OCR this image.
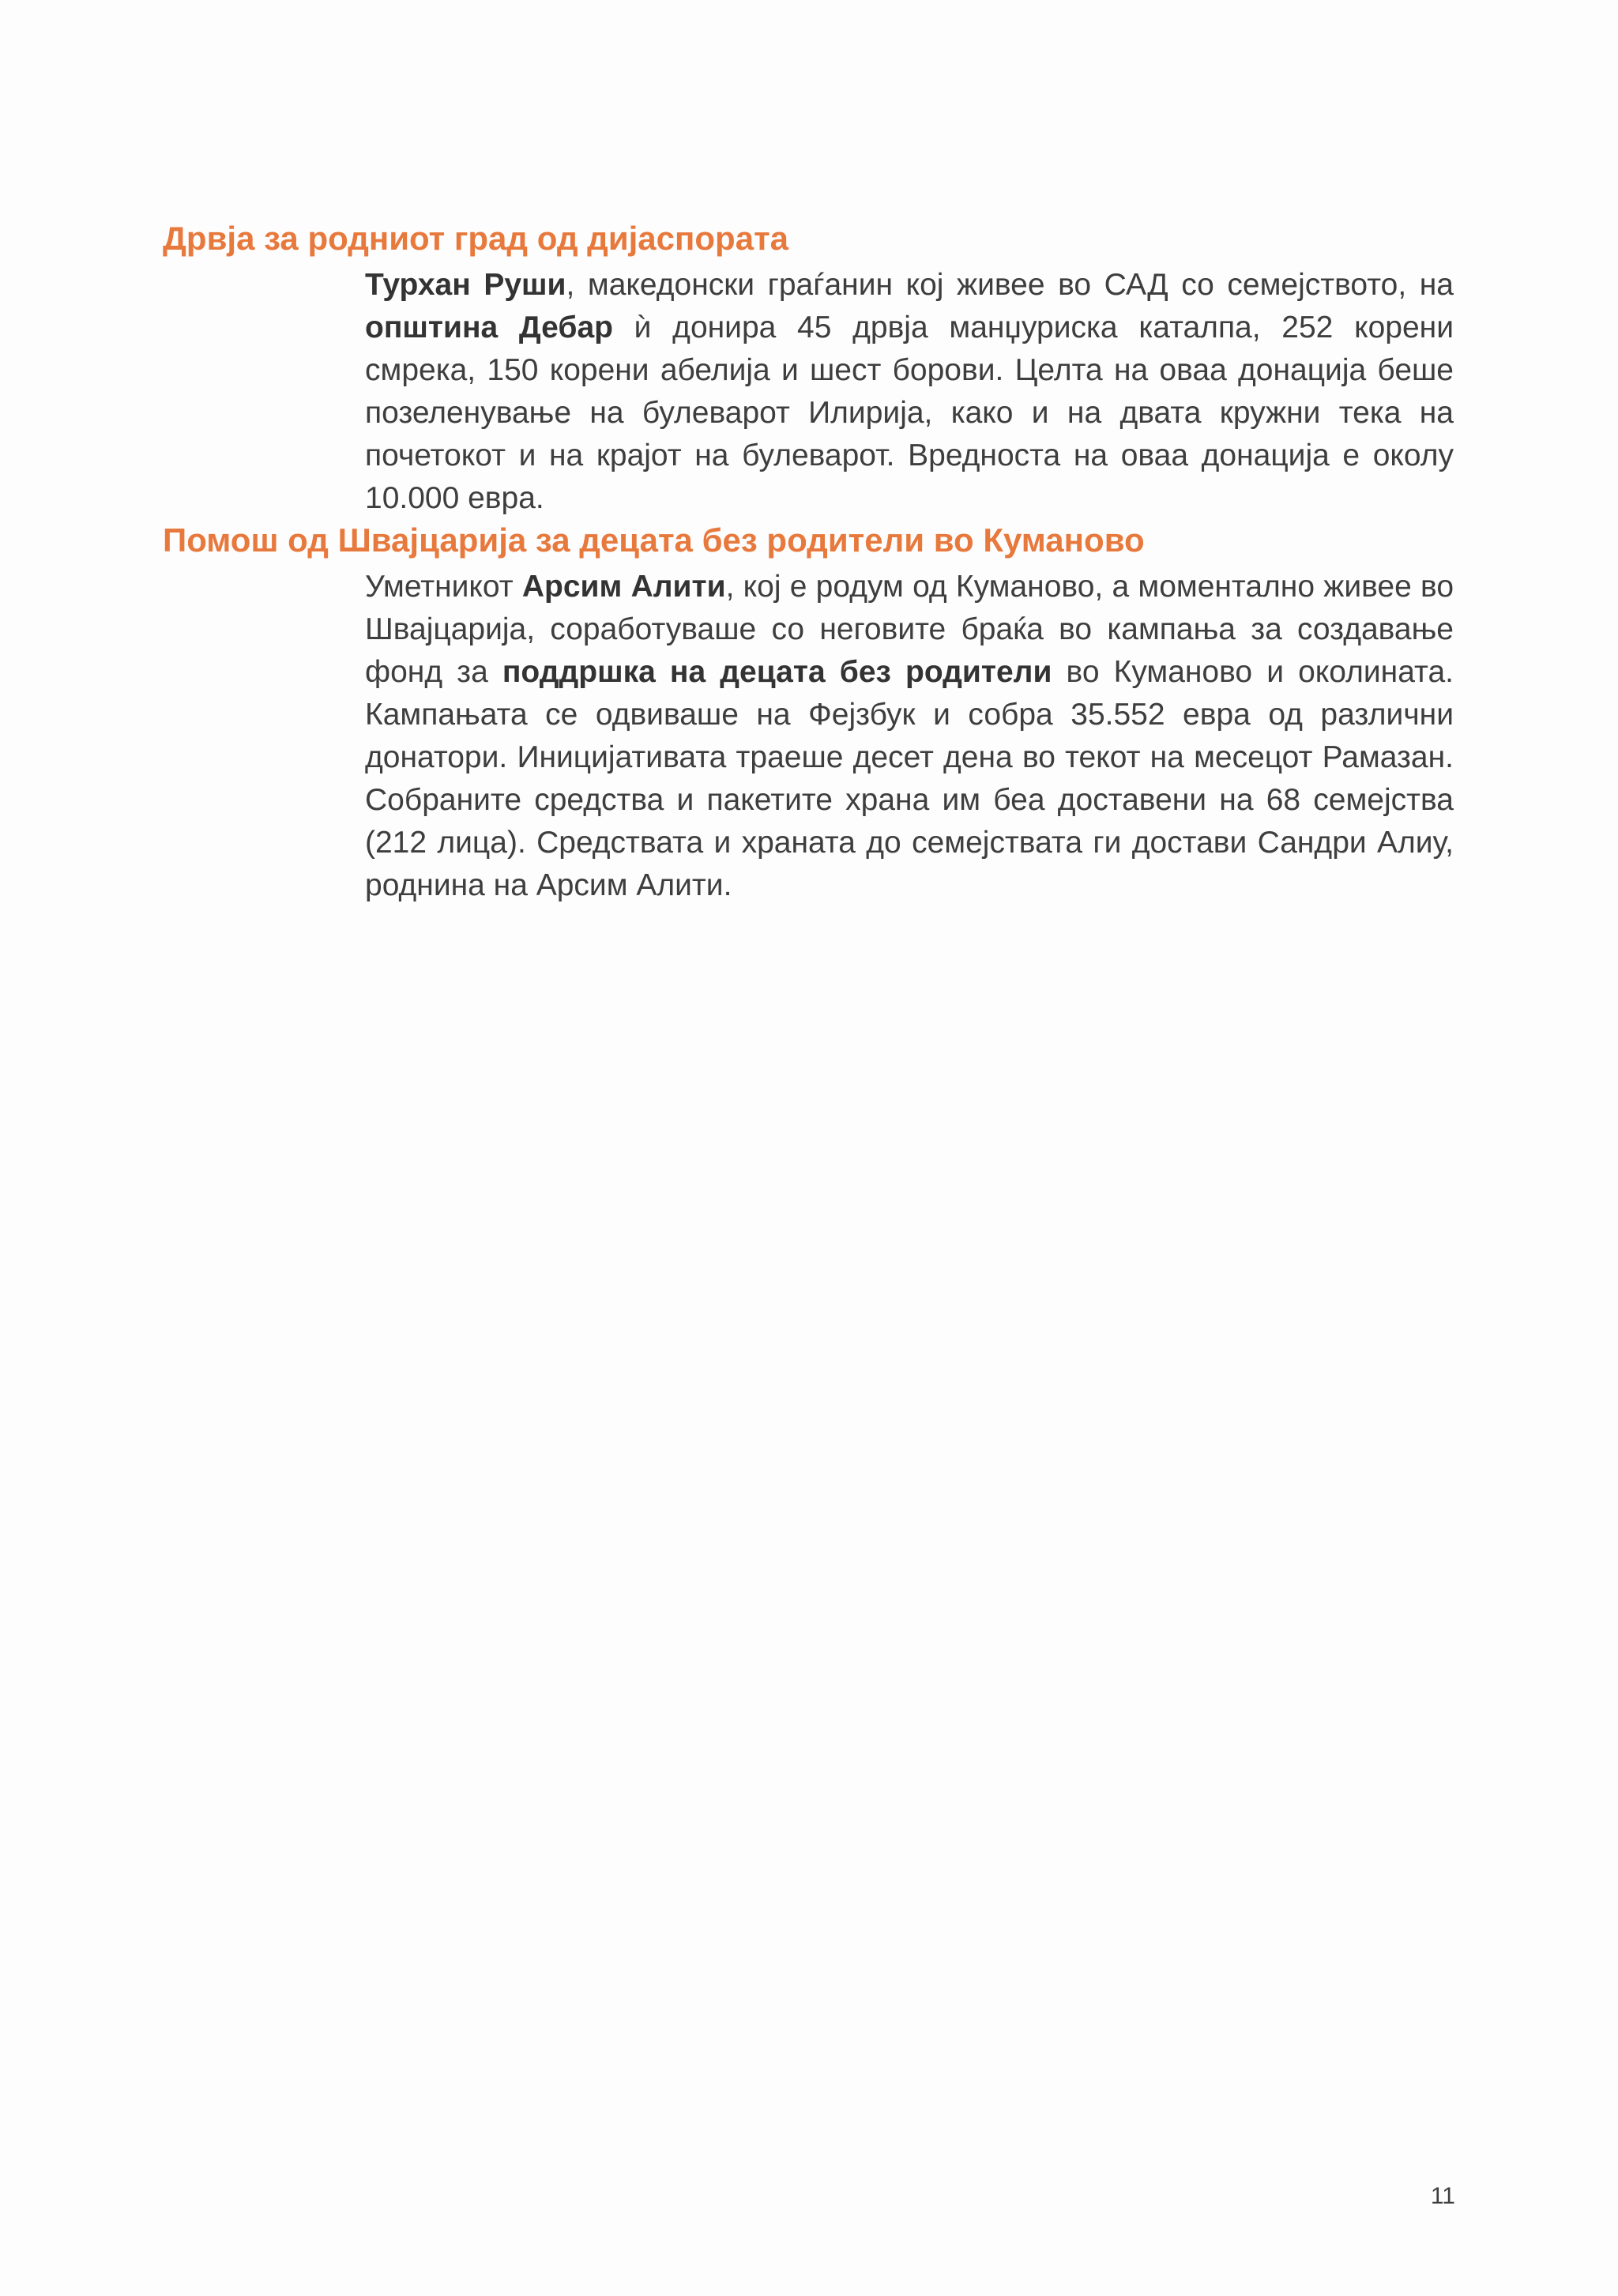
Дрвја за родниот град од дијаспората

Турхан Руши, македонски граѓанин кој живее во САД со семејството, на општина Дебар ѝ донира 45 дрвја манџуриска каталпа, 252 корени смрека, 150 корени абелија и шест борови. Целта на оваа донација беше позеленување на булеварот Илирија, како и на двата кружни тека на почетокот и на крајот на булеварот. Вредноста на оваа донација е околу 10.000 евра.

Помош од Швајцарија за децата без родители во Куманово

Уметникот Арсим Алити, кој е родум од Куманово, а моментално живее во Швајцарија, соработуваше со неговите браќа во кампања за создавање фонд за поддршка на децата без родители во Куманово и околината. Кампањата се одвиваше на Фејзбук и собра 35.552 евра од различни донатори. Иницијативата траеше десет дена во текот на месецот Рамазан. Собраните средства и пакетите храна им беа доставени на 68 семејства (212 лица). Средствата и храната до семејствата ги достави Сандри Алиу, роднина на Арсим Алити.

11
